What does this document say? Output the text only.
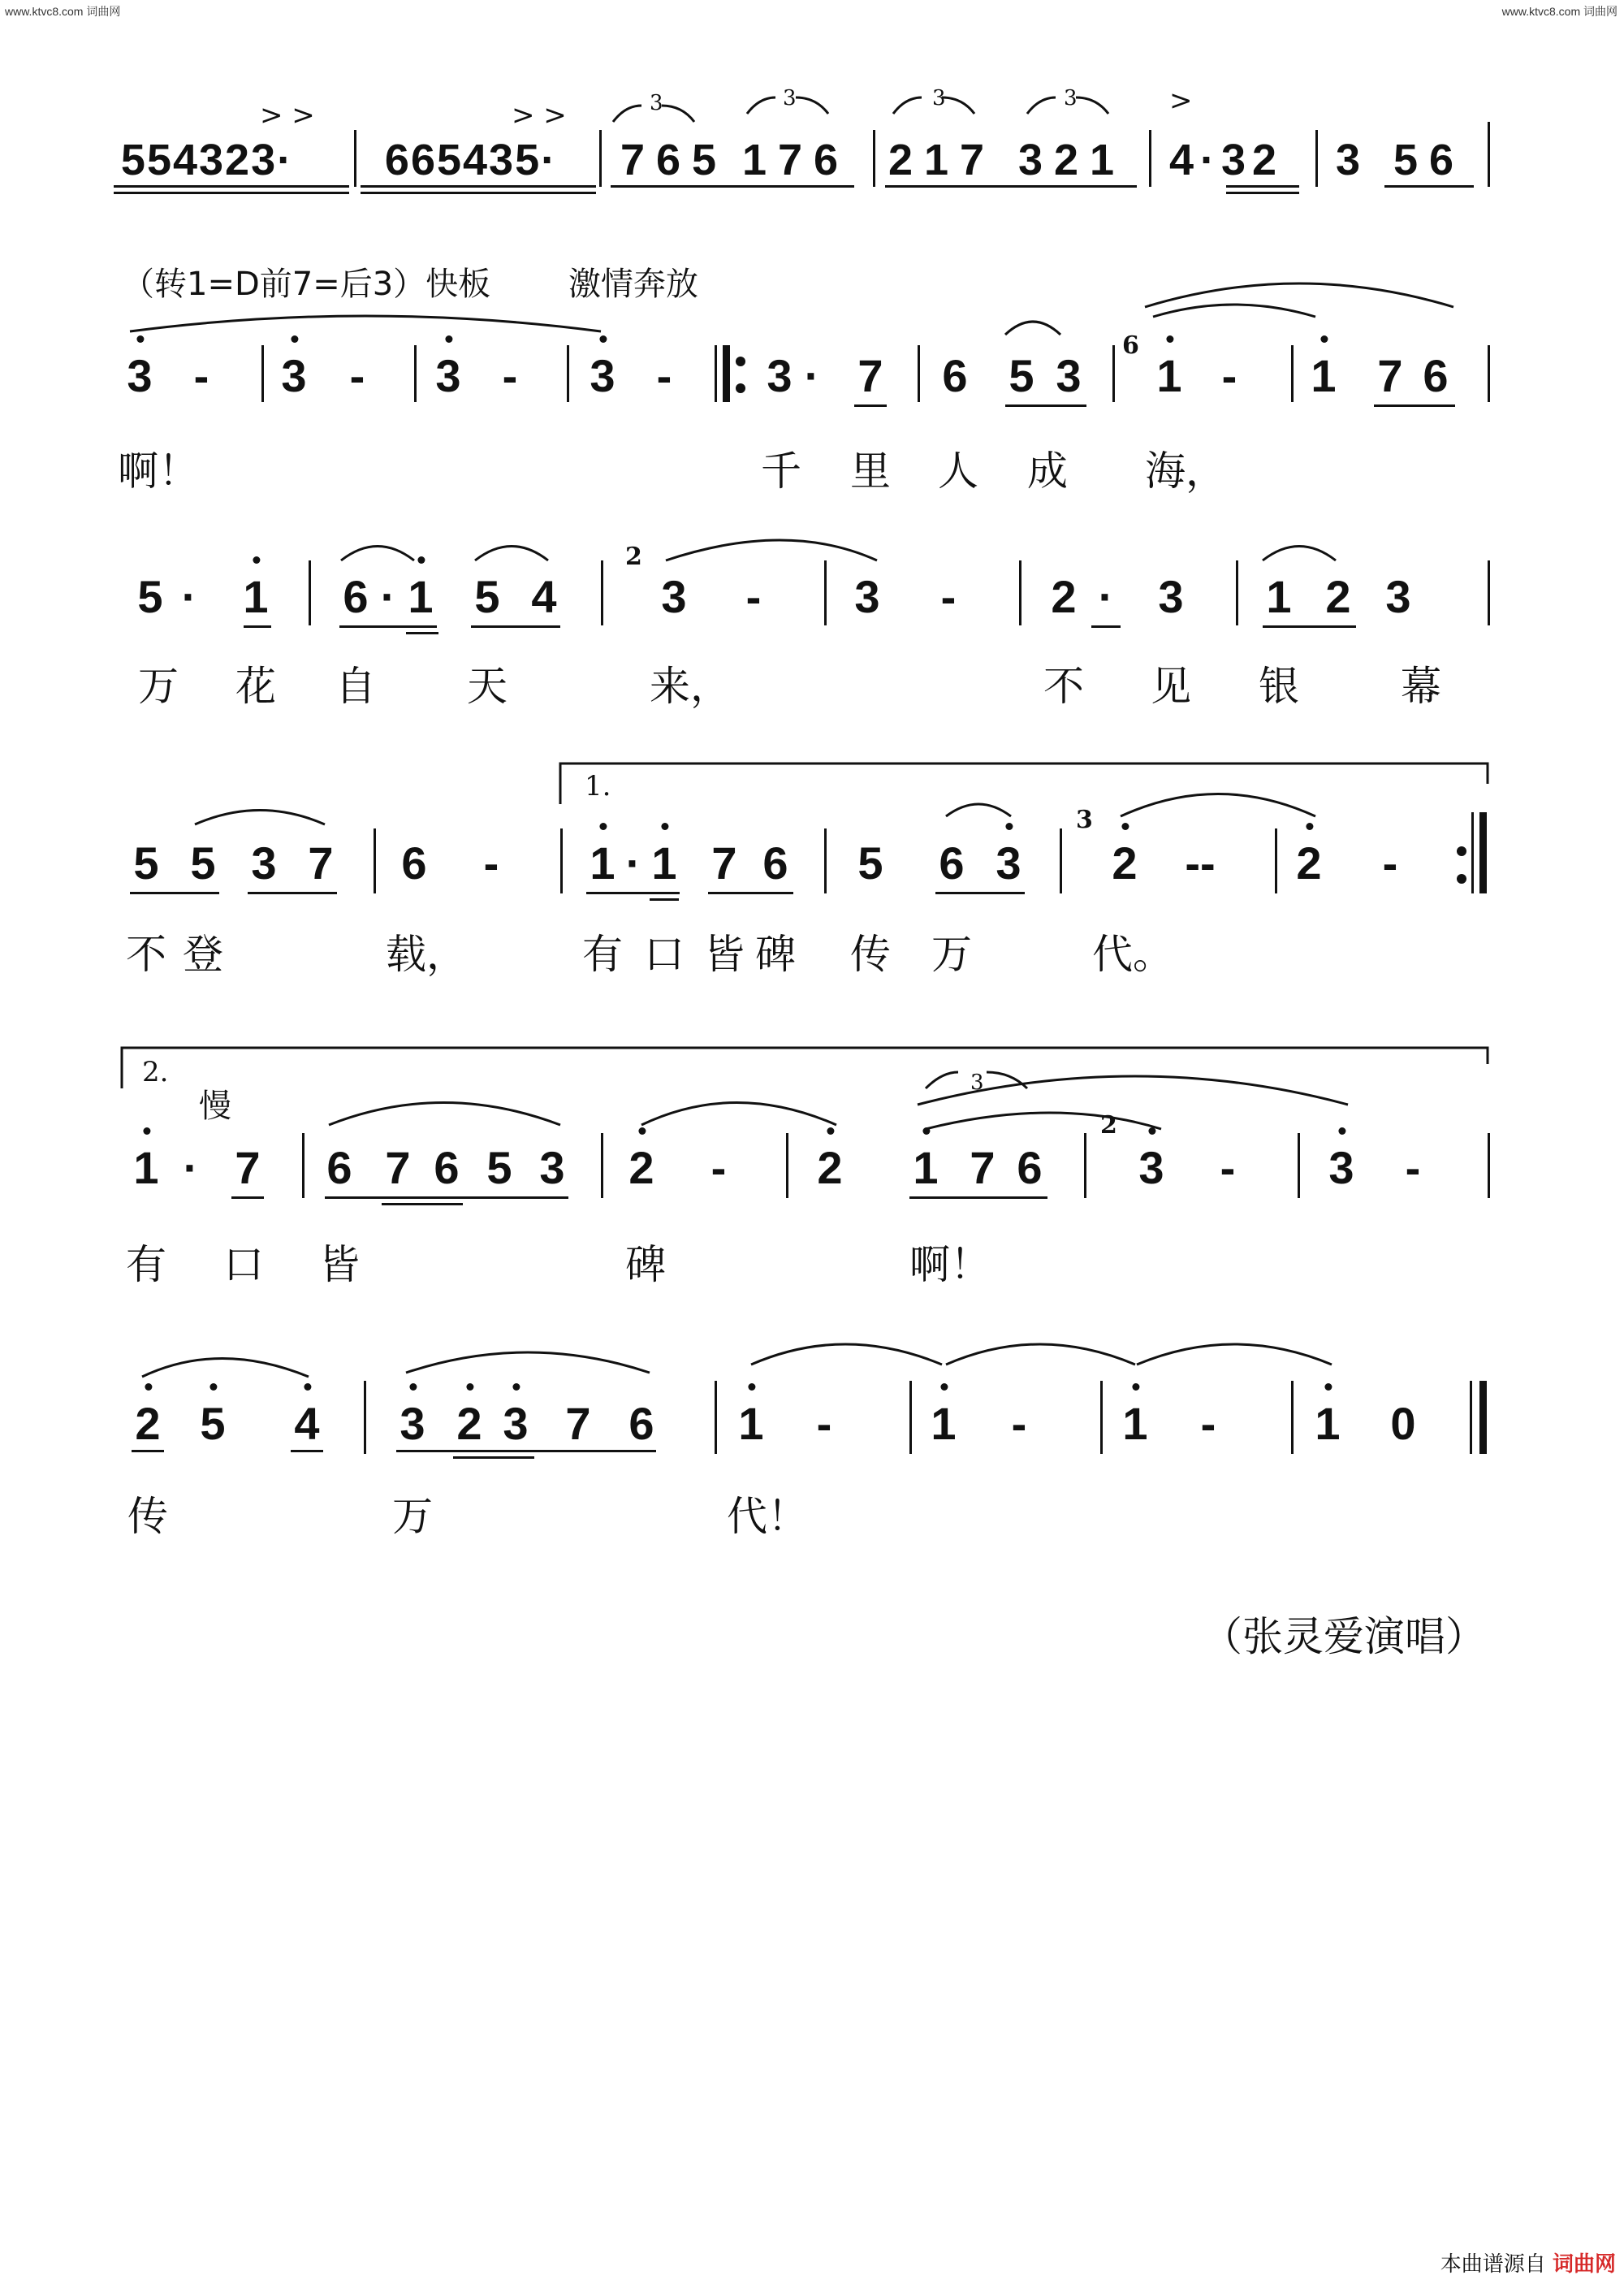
www.ktvc8.com 词曲网	www.ktvc8.com 词曲网
> >	> >	>
3	3	3	3
554323· 665435· 765 176 217 321 4·32 3 56
（转1=D前7=后3）快板 激情奔放
3 - 3 - 3 - 3 - 3 · 7 6 5 3
6
1 - 1 7 6
啊！	千 里 人 成 海，
5 · 1 6 · 1 5 4
2
3 - 3 - 2 · 3 1 2 3
万 花 自 天	来，	不 见 银	幕
1.
5 5 3 7 6 - 1 · 1 7 6 5 6 3
3
2 -- 2 -
不 登	载，	有 口 皆 碑 传 万	代。
2.
慢
3
1 · 7 6 7 6 5 3 2 - 2 1 7 6
2
3 - 3 -
有 口 皆	碑	啊！
2 5 4 3 2 3 7 6 1 - 1 - 1 - 1 0
传	万	代！
（张灵爱演唱）
本曲谱源自 词曲网
